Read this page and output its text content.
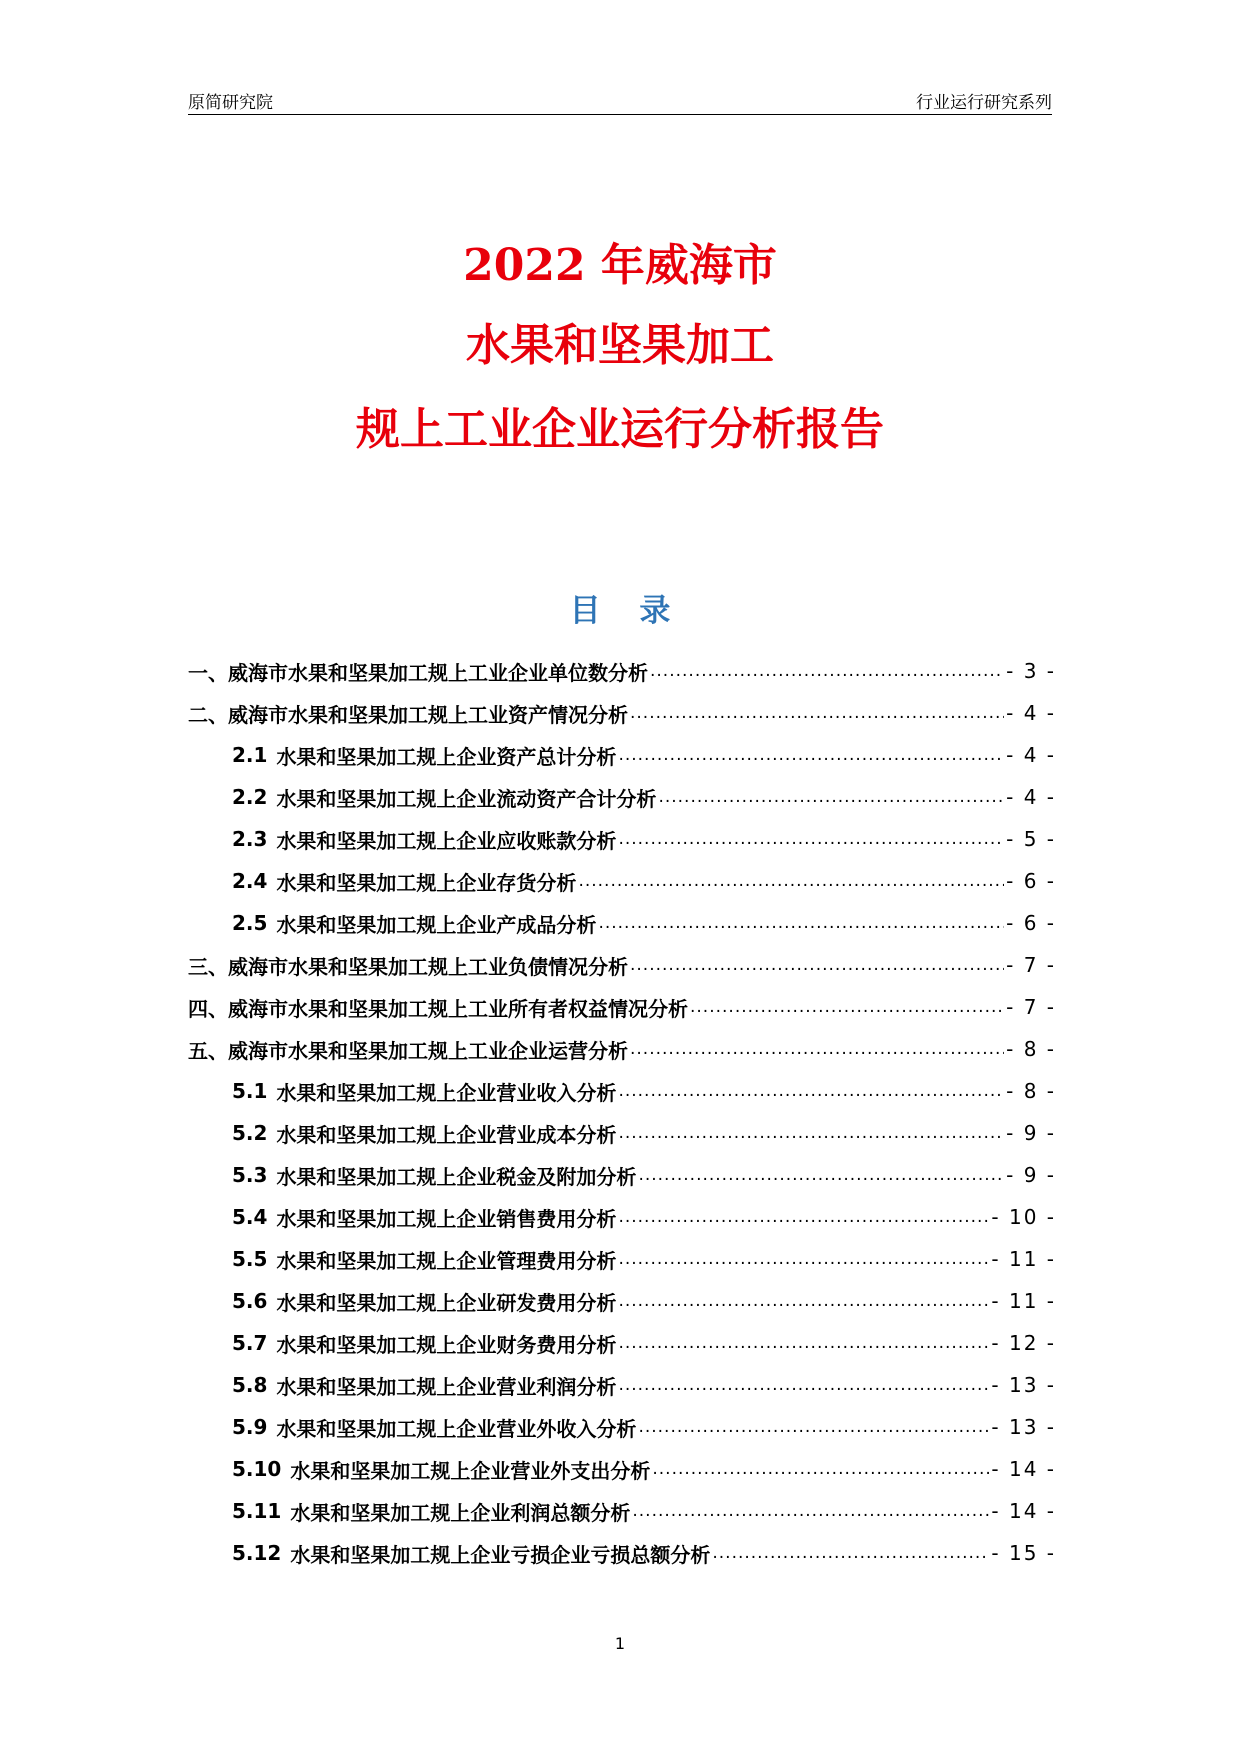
原简研究院	行业运行研究系列
2022 年威海市
水果和坚果加工
规上工业企业运行分析报告
目 录
一、威海市水果和坚果加工规上工业企业单位数分析 .....	- 3 -
二、威海市水果和坚果加工规上工业资产情况分析 .....	- 4 -
2.1 水果和坚果加工规上企业资产总计分析 .....	- 4 -
2.2 水果和坚果加工规上企业流动资产合计分析 .....	- 4 -
2.3 水果和坚果加工规上企业应收账款分析 .....	- 5 -
2.4 水果和坚果加工规上企业存货分析 .....	- 6 -
2.5 水果和坚果加工规上企业产成品分析 .....	- 6 -
三、威海市水果和坚果加工规上工业负债情况分析 .....	- 7 -
四、威海市水果和坚果加工规上工业所有者权益情况分析 .....	- 7 -
五、威海市水果和坚果加工规上工业企业运营分析 .....	- 8 -
5.1 水果和坚果加工规上企业营业收入分析 .....	- 8 -
5.2 水果和坚果加工规上企业营业成本分析 .....	- 9 -
5.3 水果和坚果加工规上企业税金及附加分析 .....	- 9 -
5.4 水果和坚果加工规上企业销售费用分析 .....	- 10 -
5.5 水果和坚果加工规上企业管理费用分析 .....	- 11 -
5.6 水果和坚果加工规上企业研发费用分析 .....	- 11 -
5.7 水果和坚果加工规上企业财务费用分析 .....	- 12 -
5.8 水果和坚果加工规上企业营业利润分析 .....	- 13 -
5.9 水果和坚果加工规上企业营业外收入分析 .....	- 13 -
5.10 水果和坚果加工规上企业营业外支出分析 .....	- 14 -
5.11 水果和坚果加工规上企业利润总额分析 .....	- 14 -
5.12 水果和坚果加工规上企业亏损企业亏损总额分析 .....	- 15 -
1
